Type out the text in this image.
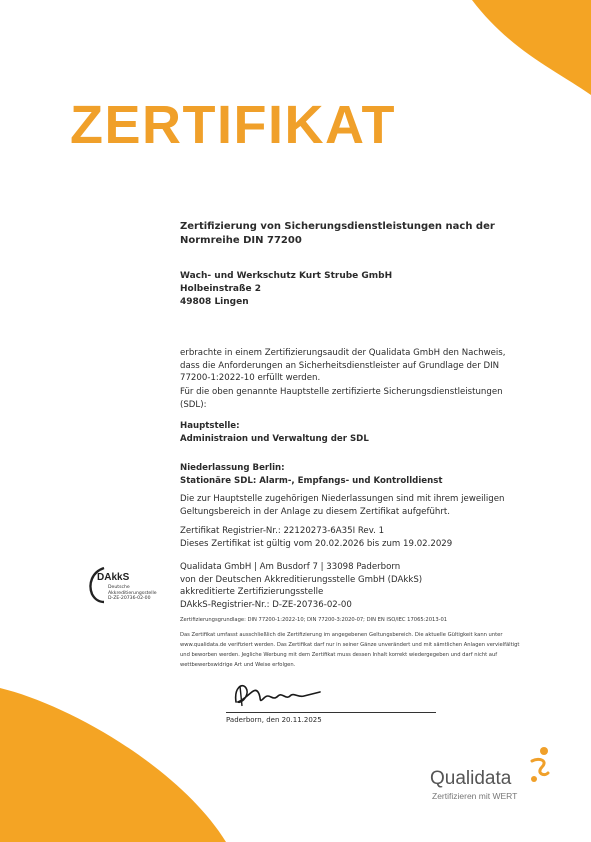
ZERTIFIKAT

Zertifizierung von Sicherungsdienstleistungen nach der

Normreihe DIN 77200

Wach- und Werkschutz Kurt Strube GmbH

Holbeinstraße 2

49808 Lingen

erbrachte in einem Zertifizierungsaudit der Qualidata GmbH den Nachweis,

dass die Anforderungen an Sicherheitsdienstleister auf Grundlage der DIN

77200-1:2022-10 erfüllt werden.

Für die oben genannte Hauptstelle zertifizierte Sicherungsdienstleistungen

(SDL):

Hauptstelle:

Administraion und Verwaltung der SDL

Niederlassung Berlin:

Stationäre SDL: Alarm-, Empfangs- und Kontrolldienst

Die zur Hauptstelle zugehörigen Niederlassungen sind mit ihrem jeweiligen

Geltungsbereich in der Anlage zu diesem Zertifikat aufgeführt.

Zertifikat Registrier-Nr.: 22120273-6A35I Rev. 1

Dieses Zertifikat ist gültig vom 20.02.2026 bis zum 19.02.2029

Qualidata GmbH | Am Busdorf 7 | 33098 Paderborn

von der Deutschen Akkreditierungsstelle GmbH (DAkkS)

akkreditierte Zertifizierungsstelle

DAkkS-Registrier-Nr.: D-ZE-20736-02-00

Zertifizierungsgrundlage: DIN 77200-1:2022-10; DIN 77200-3:2020-07; DIN EN ISO/IEC 17065:2013-01

Das Zertifikat umfasst ausschließlich die Zertifizierung im angegebenen Geltungsbereich. Die aktuelle Gültigkeit kann unter

www.qualidata.de verifiziert werden. Das Zertifikat darf nur in seiner Gänze unverändert und mit sämtlichen Anlagen vervielfältigt

und beworben werden. Jegliche Werbung mit dem Zertifikat muss dessen Inhalt korrekt wiedergegeben und darf nicht auf

wettbewerbswidrige Art und Weise erfolgen.

Paderborn, den 20.11.2025
DAkkS
Deutsche
Akkreditierungsstelle
D-ZE-20736-02-00
Qualidata
Zertifizieren mit WERT
